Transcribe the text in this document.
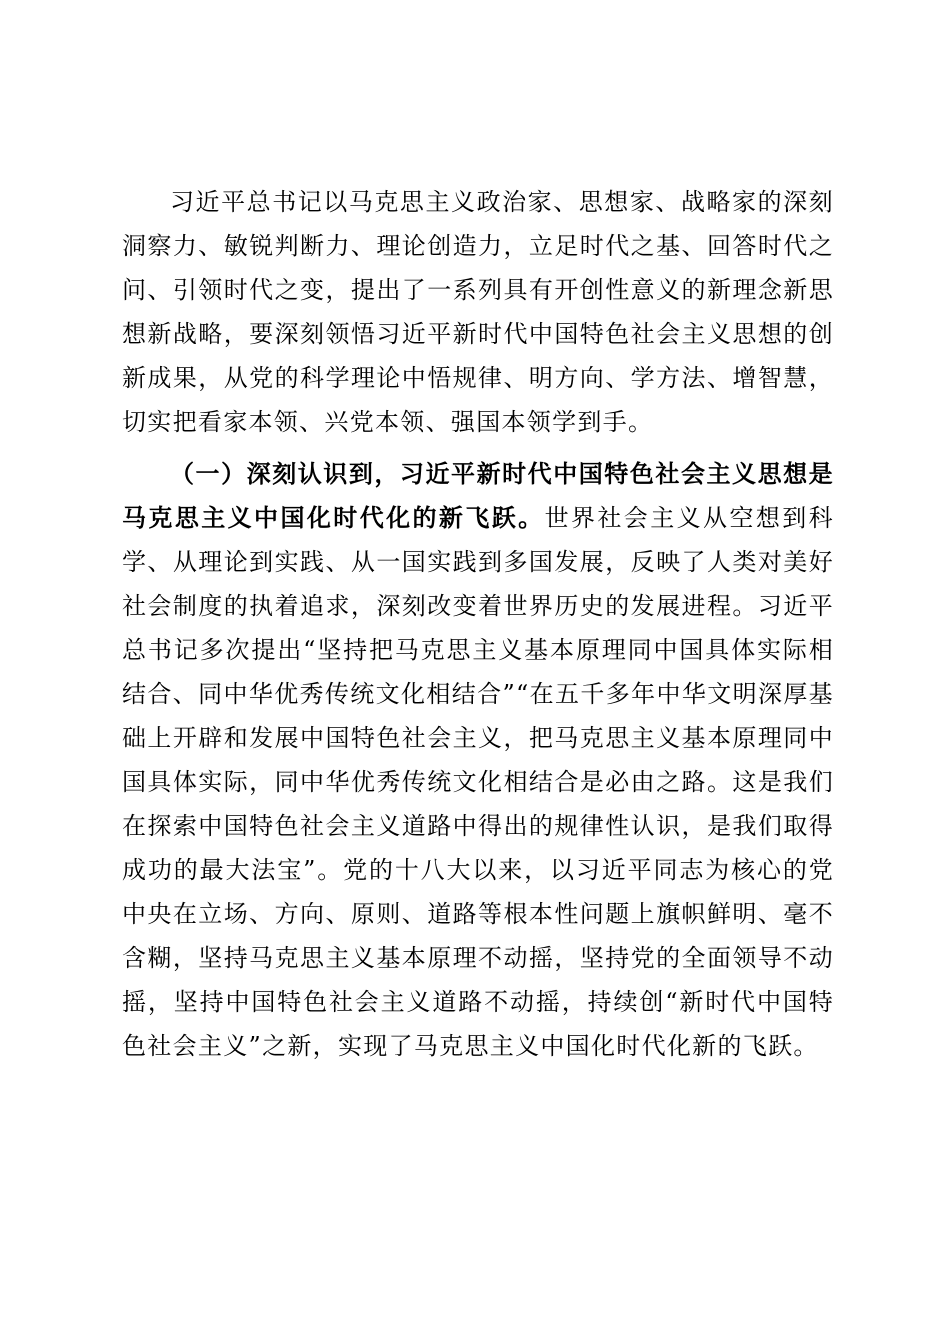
习近平总书记以马克思主义政治家、思想家、战略家的深刻洞察力、敏锐判断力、理论创造力，立足时代之基、回答时代之问、引领时代之变，提出了一系列具有开创性意义的新理念新思想新战略，要深刻领悟习近平新时代中国特色社会主义思想的创新成果，从党的科学理论中悟规律、明方向、学方法、增智慧，切实把看家本领、兴党本领、强国本领学到手。

（一）深刻认识到，习近平新时代中国特色社会主义思想是马克思主义中国化时代化的新飞跃。世界社会主义从空想到科学、从理论到实践、从一国实践到多国发展，反映了人类对美好社会制度的执着追求，深刻改变着世界历史的发展进程。习近平总书记多次提出“坚持把马克思主义基本原理同中国具体实际相结合、同中华优秀传统文化相结合”“在五千多年中华文明深厚基础上开辟和发展中国特色社会主义，把马克思主义基本原理同中国具体实际，同中华优秀传统文化相结合是必由之路。这是我们在探索中国特色社会主义道路中得出的规律性认识，是我们取得成功的最大法宝”。党的十八大以来，以习近平同志为核心的党中央在立场、方向、原则、道路等根本性问题上旗帜鲜明、毫不含糊，坚持马克思主义基本原理不动摇，坚持党的全面领导不动摇，坚持中国特色社会主义道路不动摇，持续创“新时代中国特色社会主义”之新，实现了马克思主义中国化时代化新的飞跃。
